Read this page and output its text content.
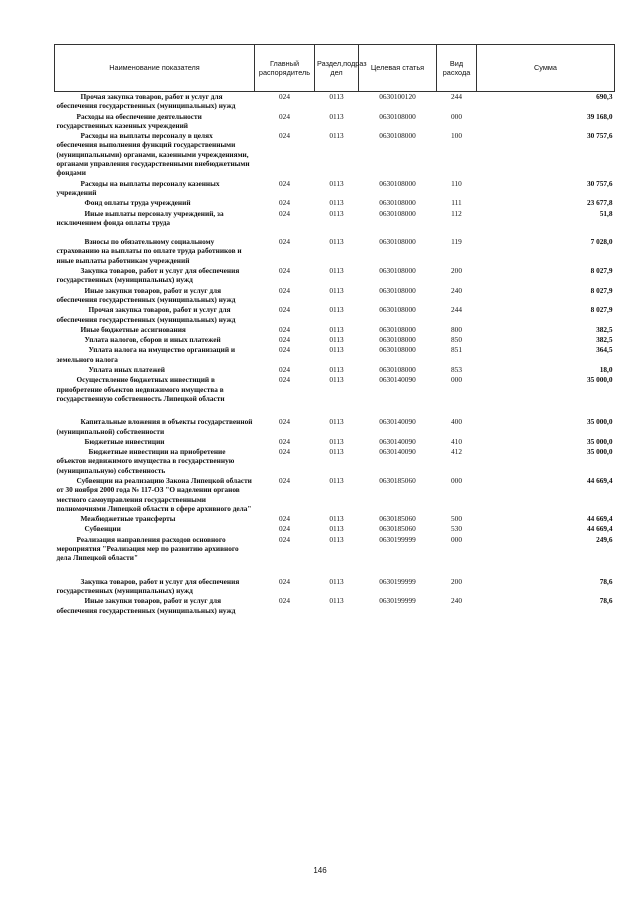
Наименование показателя	Главный распорядитель	Раздел,подраз дел	Целевая статья	Вид расхода	Сумма
Прочая закупка товаров, работ и услуг для обеспечения государственных (муниципальных) нужд	024	0113	0630100120	244	690,3
Расходы на обеспечение деятельности государственных казенных учреждений	024	0113	0630108000	000	39 168,0
Расходы на выплаты персоналу в целях обеспечения выполнения функций государственными (муниципальными) органами, казенными учреждениями, органами управления государственными внебюджетными фондами	024	0113	0630108000	100	30 757,6
Расходы на выплаты персоналу казенных учреждений	024	0113	0630108000	110	30 757,6
Фонд оплаты труда учреждений	024	0113	0630108000	111	23 677,8
Иные выплаты персоналу учреждений, за исключением фонда оплаты труда	024	0113	0630108000	112	51,8
Взносы по обязательному социальному страхованию на выплаты по оплате труда работников и иные выплаты работникам учреждений	024	0113	0630108000	119	7 028,0
Закупка товаров, работ и услуг для обеспечения государственных (муниципальных) нужд	024	0113	0630108000	200	8 027,9
Иные закупки товаров, работ и услуг для обеспечения государственных (муниципальных) нужд	024	0113	0630108000	240	8 027,9
Прочая закупка товаров, работ и услуг для обеспечения государственных (муниципальных) нужд	024	0113	0630108000	244	8 027,9
Иные бюджетные ассигнования	024	0113	0630108000	800	382,5
Уплата налогов, сборов и иных платежей	024	0113	0630108000	850	382,5
Уплата налога на имущество организаций и земельного налога	024	0113	0630108000	851	364,5
Уплата иных платежей	024	0113	0630108000	853	18,0
Осуществление бюджетных инвестиций в приобретение объектов недвижимого имущества в государственную собственность Липецкой области	024	0113	0630140090	000	35 000,0
Капитальные вложения в объекты государственной (муниципальной) собственности	024	0113	0630140090	400	35 000,0
Бюджетные инвестиции	024	0113	0630140090	410	35 000,0
Бюджетные инвестиции на приобретение объектов недвижимого имущества в государственную (муниципальную) собственность	024	0113	0630140090	412	35 000,0
Субвенции на реализацию Закона Липецкой области от 30 ноября 2000 года № 117-ОЗ "О наделении органов местного самоуправления государственными полномочиями Липецкой области в сфере архивного дела"	024	0113	0630185060	000	44 669,4
Межбюджетные трансферты	024	0113	0630185060	500	44 669,4
Субвенции	024	0113	0630185060	530	44 669,4
Реализация направления расходов основного мероприятия "Реализация мер по развитию архивного дела Липецкой области"	024	0113	0630199999	000	249,6
Закупка товаров, работ и услуг для обеспечения государственных (муниципальных) нужд	024	0113	0630199999	200	78,6
Иные закупки товаров, работ и услуг для обеспечения государственных (муниципальных) нужд	024	0113	0630199999	240	78,6
146
